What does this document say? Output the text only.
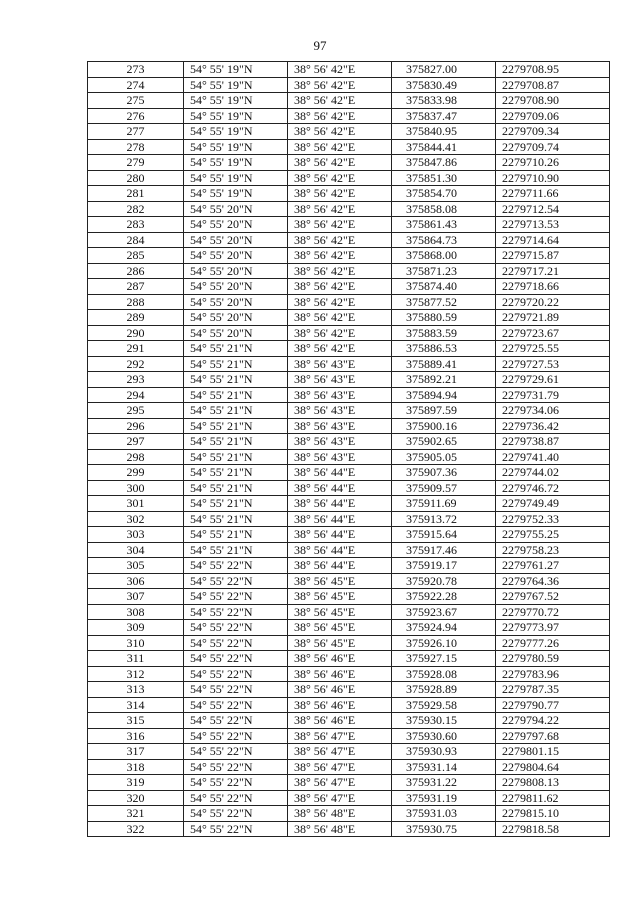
97
273	54° 55' 19"N	38° 56' 42"E	375827.00	2279708.95
274	54° 55' 19"N	38° 56' 42"E	375830.49	2279708.87
275	54° 55' 19"N	38° 56' 42"E	375833.98	2279708.90
276	54° 55' 19"N	38° 56' 42"E	375837.47	2279709.06
277	54° 55' 19"N	38° 56' 42"E	375840.95	2279709.34
278	54° 55' 19"N	38° 56' 42"E	375844.41	2279709.74
279	54° 55' 19"N	38° 56' 42"E	375847.86	2279710.26
280	54° 55' 19"N	38° 56' 42"E	375851.30	2279710.90
281	54° 55' 19"N	38° 56' 42"E	375854.70	2279711.66
282	54° 55' 20"N	38° 56' 42"E	375858.08	2279712.54
283	54° 55' 20"N	38° 56' 42"E	375861.43	2279713.53
284	54° 55' 20"N	38° 56' 42"E	375864.73	2279714.64
285	54° 55' 20"N	38° 56' 42"E	375868.00	2279715.87
286	54° 55' 20"N	38° 56' 42"E	375871.23	2279717.21
287	54° 55' 20"N	38° 56' 42"E	375874.40	2279718.66
288	54° 55' 20"N	38° 56' 42"E	375877.52	2279720.22
289	54° 55' 20"N	38° 56' 42"E	375880.59	2279721.89
290	54° 55' 20"N	38° 56' 42"E	375883.59	2279723.67
291	54° 55' 21"N	38° 56' 42"E	375886.53	2279725.55
292	54° 55' 21"N	38° 56' 43"E	375889.41	2279727.53
293	54° 55' 21"N	38° 56' 43"E	375892.21	2279729.61
294	54° 55' 21"N	38° 56' 43"E	375894.94	2279731.79
295	54° 55' 21"N	38° 56' 43"E	375897.59	2279734.06
296	54° 55' 21"N	38° 56' 43"E	375900.16	2279736.42
297	54° 55' 21"N	38° 56' 43"E	375902.65	2279738.87
298	54° 55' 21"N	38° 56' 43"E	375905.05	2279741.40
299	54° 55' 21"N	38° 56' 44"E	375907.36	2279744.02
300	54° 55' 21"N	38° 56' 44"E	375909.57	2279746.72
301	54° 55' 21"N	38° 56' 44"E	375911.69	2279749.49
302	54° 55' 21"N	38° 56' 44"E	375913.72	2279752.33
303	54° 55' 21"N	38° 56' 44"E	375915.64	2279755.25
304	54° 55' 21"N	38° 56' 44"E	375917.46	2279758.23
305	54° 55' 22"N	38° 56' 44"E	375919.17	2279761.27
306	54° 55' 22"N	38° 56' 45"E	375920.78	2279764.36
307	54° 55' 22"N	38° 56' 45"E	375922.28	2279767.52
308	54° 55' 22"N	38° 56' 45"E	375923.67	2279770.72
309	54° 55' 22"N	38° 56' 45"E	375924.94	2279773.97
310	54° 55' 22"N	38° 56' 45"E	375926.10	2279777.26
311	54° 55' 22"N	38° 56' 46"E	375927.15	2279780.59
312	54° 55' 22"N	38° 56' 46"E	375928.08	2279783.96
313	54° 55' 22"N	38° 56' 46"E	375928.89	2279787.35
314	54° 55' 22"N	38° 56' 46"E	375929.58	2279790.77
315	54° 55' 22"N	38° 56' 46"E	375930.15	2279794.22
316	54° 55' 22"N	38° 56' 47"E	375930.60	2279797.68
317	54° 55' 22"N	38° 56' 47"E	375930.93	2279801.15
318	54° 55' 22"N	38° 56' 47"E	375931.14	2279804.64
319	54° 55' 22"N	38° 56' 47"E	375931.22	2279808.13
320	54° 55' 22"N	38° 56' 47"E	375931.19	2279811.62
321	54° 55' 22"N	38° 56' 48"E	375931.03	2279815.10
322	54° 55' 22"N	38° 56' 48"E	375930.75	2279818.58
